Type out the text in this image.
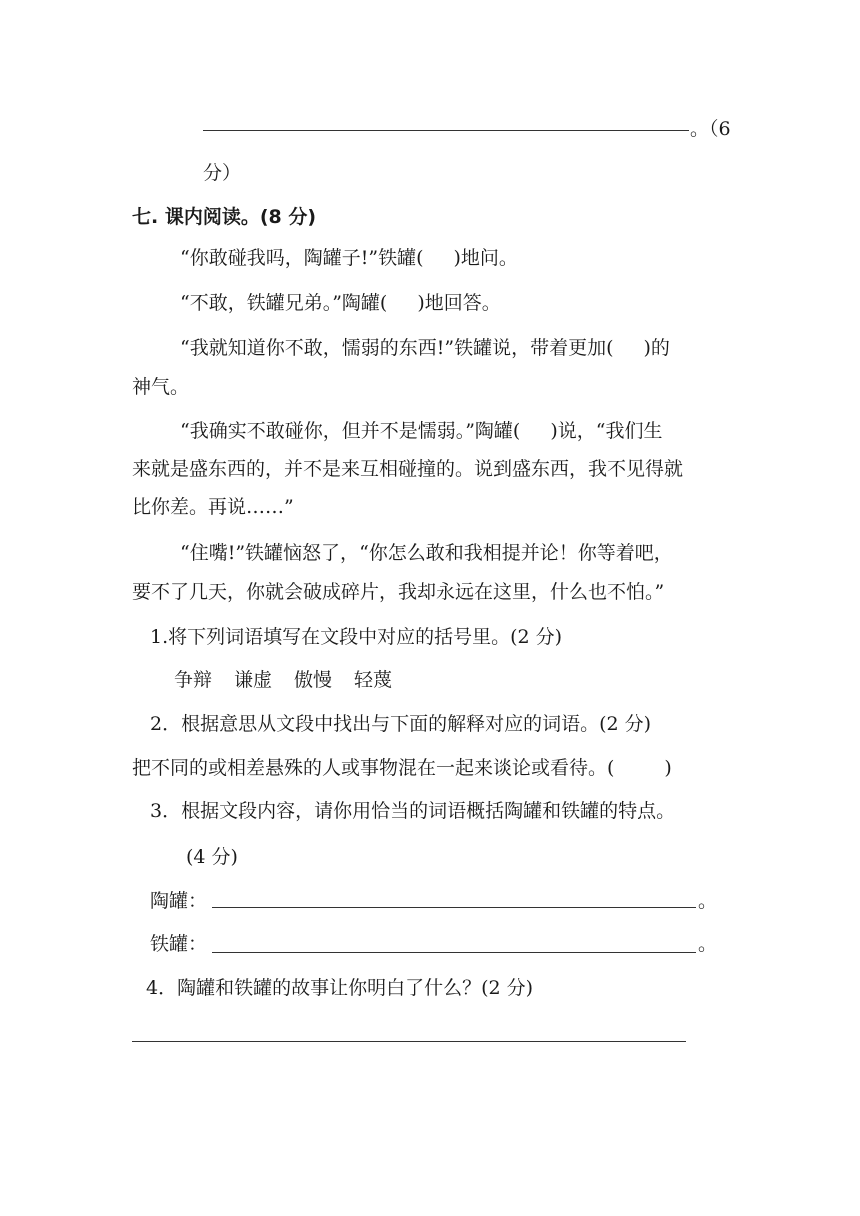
。（6
分）
七. 课内阅读。(8 分)
“你敢碰我吗，陶罐子!”铁罐( )地问。
“不敢，铁罐兄弟。”陶罐( )地回答。
“我就知道你不敢，懦弱的东西!”铁罐说，带着更加( )的
神气。
“我确实不敢碰你，但并不是懦弱。”陶罐( )说，“我们生
来就是盛东西的，并不是来互相碰撞的。说到盛东西，我不见得就
比你差。再说……”
“住嘴!”铁罐恼怒了，“你怎么敢和我相提并论！你等着吧，
要不了几天，你就会破成碎片，我却永远在这里，什么也不怕。”
1.将下列词语填写在文段中对应的括号里。(2 分)
争辩 谦虚 傲慢 轻蔑
2．根据意思从文段中找出与下面的解释对应的词语。(2 分)
把不同的或相差悬殊的人或事物混在一起来谈论或看待。(	)
3．根据文段内容，请你用恰当的词语概括陶罐和铁罐的特点。
(4 分)
陶罐：	。
铁罐：	。
4．陶罐和铁罐的故事让你明白了什么？(2 分)
